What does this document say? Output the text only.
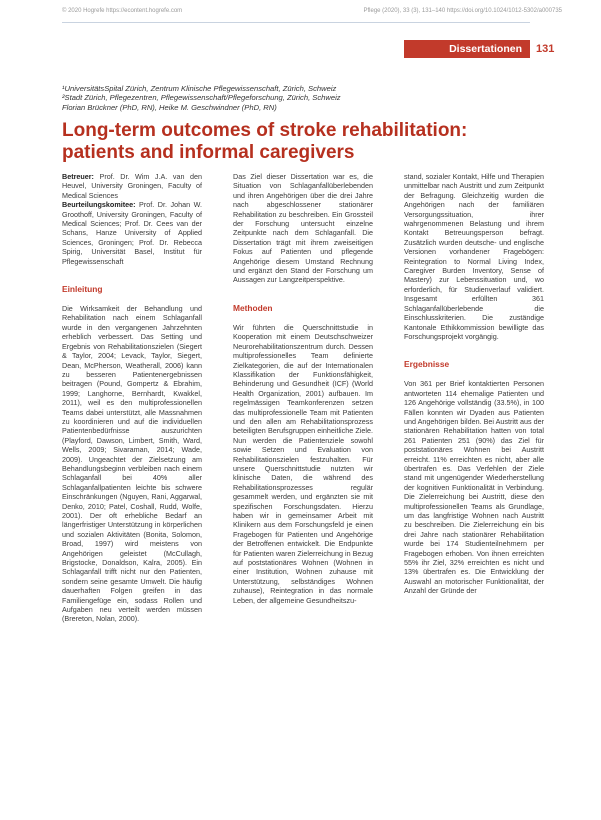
© 2020 Hogrefe https://econtent.hogrefe.com	Pflege (2020), 33 (3), 131–140 https://doi.org/10.1024/1012-5302/a000735
Dissertationen 131
¹UniversitätsSpital Zürich, Zentrum Klinische Pflegewissenschaft, Zürich, Schweiz
²Stadt Zürich, Pflegezentren, Pflegewissenschaft/Pflegeforschung, Zürich, Schweiz
Florian Brückner (PhD, RN), Heike M. Geschwindner (PhD, RN)
Long-term outcomes of stroke rehabilitation:
patients and informal caregivers

Betreuer: Prof. Dr. Wim J.A. van den Heuvel, University Groningen, Faculty of Medical Sciences

Beurteilungskomitee: Prof. Dr. Johan W. Groothoff, University Groningen, Faculty of Medical Sciences; Prof. Dr. Cees van der Schans, Hanze University of Applied Sciences, Groningen; Prof. Dr. Rebecca Spirig, Universität Basel, Institut für Pflegewissenschaft

Einleitung

Die Wirksamkeit der Behandlung und Rehabilitation nach einem Schlaganfall wurde in den vergangenen Jahrzehnten erheblich verbessert. Das Setting und Ergebnis von Rehabilitationszielen (Siegert & Taylor, 2004; Levack, Taylor, Siegert, Dean, McPherson, Weatherall, 2006) kann zu besseren Patientenergebnissen beitragen (Pound, Gompertz & Ebrahim, 1999; Langhorne, Bernhardt, Kwakkel, 2011), weil es den multiprofessionellen Teams dabei unterstützt, alle Massnahmen zu koordinieren und auf die individuellen Patientenbedürfnisse auszurichten (Playford, Dawson, Limbert, Smith, Ward, Wells, 2009; Sivaraman, 2014; Wade, 2009). Ungeachtet der Zielsetzung am Behandlungsbeginn verbleiben nach einem Schlaganfall bei 40% aller Schlaganfallpatienten leichte bis schwere Einschränkungen (Nguyen, Rani, Aggarwal, Denko, 2010; Patel, Coshall, Rudd, Wolfe, 2001). Der oft erhebliche Bedarf an längerfristiger Unterstützung in körperlichen und sozialen Aktivitäten (Bonita, Solomon, Broad, 1997) wird meistens von Angehörigen geleistet (McCullagh, Brigstocke, Donaldson, Kalra, 2005). Ein Schlaganfall trifft nicht nur den Patienten, sondern seine gesamte Umwelt. Die häufig dauerhaften Folgen greifen in das Familiengefüge ein, sodass Rollen und Aufgaben neu verteilt werden müssen (Brereton, Nolan, 2000).

Das Ziel dieser Dissertation war es, die Situation von Schlaganfallüberlebenden und ihren Angehörigen über die drei Jahre nach abgeschlossener stationärer Rehabilitation zu beschreiben. Ein Grossteil der Forschung untersucht einzelne Zeitpunkte nach dem Schlaganfall. Die Dissertation trägt mit ihrem zweiseitigen Fokus auf Patienten und pflegende Angehörige diesem Umstand Rechnung und ergänzt den Stand der Forschung um Aussagen zur Langzeitperspektive.

Methoden

Wir führten die Querschnittstudie in Kooperation mit einem Deutschschweizer Neurorehabilitationszentrum durch. Dessen multiprofessionelles Team definierte Zielkategorien, die auf der Internationalen Klassifikation der Funktionsfähigkeit, Behinderung und Gesundheit (ICF) (World Health Organization, 2001) aufbauen. Im regelmässigen Teamkonferenzen setzen das multiprofessionelle Team mit Patienten und den allen am Rehabilitationsprozess beteiligten Berufsgruppen einheitliche Ziele. Nun werden die Patientenziele sowohl sowie Setzen und Evaluation von Rehabilitationszielen festzuhalten. Für unsere Querschnittstudie nutzten wir klinische Daten, die während des Rehabilitationsprozesses regulär gesammelt werden, und ergänzten sie mit spezifischen Forschungsdaten. Hierzu haben wir in gemeinsamer Arbeit mit Klinikern aus dem Forschungsfeld je einen Fragebogen für Patienten und Angehörige der Betroffenen entwickelt. Die Endpunkte für Patienten waren Zielerreichung in Bezug auf poststationäres Wohnen (Wohnen in einer Institution, Wohnen zuhause mit Unterstützung, selbständiges Wohnen zuhause), Reintegration in das normale Leben, der allgemeine Gesundheitszu-

stand, sozialer Kontakt, Hilfe und Therapien unmittelbar nach Austritt und zum Zeitpunkt der Befragung. Gleichzeitig wurden die Angehörigen nach der familiären Versorgungssituation, ihrer wahrgenommenen Belastung und ihrem Kontakt Betreuungsperson befragt. Zusätzlich wurden deutsche- und englische Versionen vorhandener Fragebögen: Reintegration to Normal Living Index, Caregiver Burden Inventory, Sense of Mastery) zur Lebenssituation und, wo erforderlich, für Studienverlauf validiert. Insgesamt erfüllten 361 Schlaganfallüberlebende die Einschlusskriterien. Die zuständige Kantonale Ethikkommission bewilligte das Forschungsprojekt vorgängig.

Ergebnisse

Von 361 per Brief kontaktierten Personen antworteten 114 ehemalige Patienten und 126 Angehörige vollständig (33.5%), in 100 Fällen konnten wir Dyaden aus Patienten und Angehörigen bilden. Bei Austritt aus der stationären Rehabilitation hatten von total 261 Patienten 251 (90%) das Ziel für poststationäres Wohnen bei Austritt erreicht. 11% erreichten es nicht, aber alle übertrafen es. Das Verfehlen der Ziele stand mit ungenügender Wiederherstellung der kognitiven Funktionalität in Verbindung. Die Zielerreichung bei Austritt, diese den multiprofessionellen Teams als Grundlage, um das langfristige Wohnen nach Austritt zu beschreiben. Die Zielerreichung ein bis drei Jahre nach stationärer Rehabilitation wurde bei 174 Studienteilnehmern per Fragebogen erhoben. Von ihnen erreichten 55% ihr Ziel, 32% erreichten es nicht und 13% übertrafen es. Die Entwicklung der Auswahl an motorischer Funktionalität, der Anzahl der Gründe der
